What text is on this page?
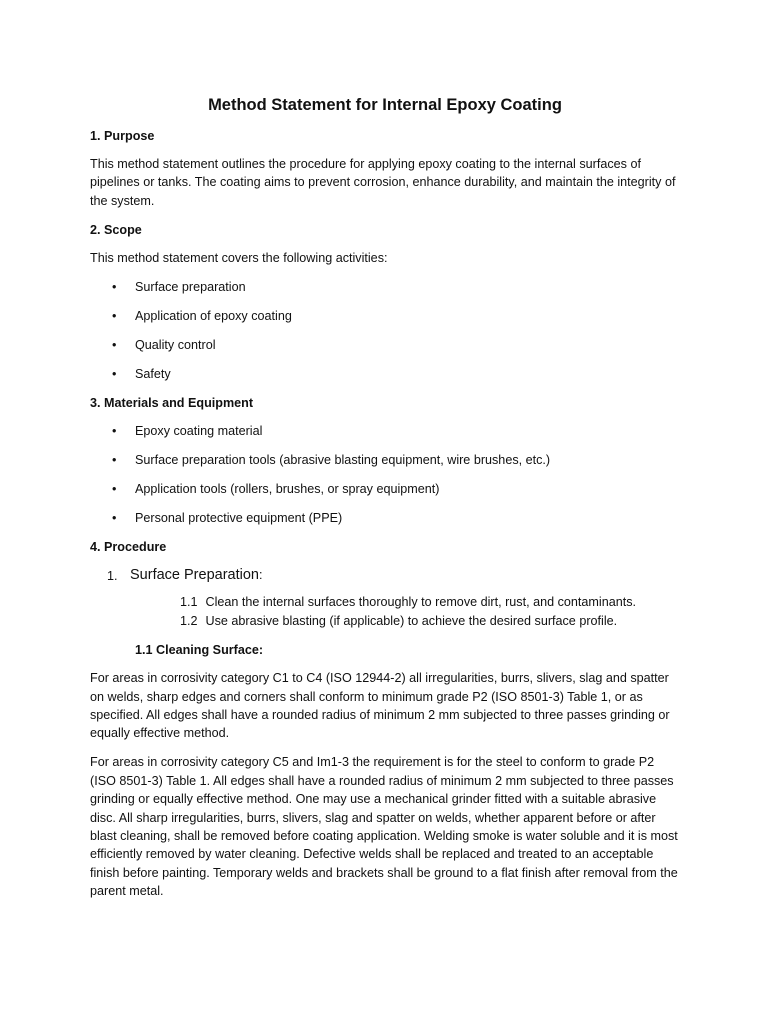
Method Statement for Internal Epoxy Coating
1. Purpose

This method statement outlines the procedure for applying epoxy coating to the internal surfaces of pipelines or tanks. The coating aims to prevent corrosion, enhance durability, and maintain the integrity of the system.

2. Scope

This method statement covers the following activities:

• Surface preparation
• Application of epoxy coating
• Quality control
• Safety
3. Materials and Equipment
• Epoxy coating material
• Surface preparation tools (abrasive blasting equipment, wire brushes, etc.)
• Application tools (rollers, brushes, or spray equipment)
• Personal protective equipment (PPE)
4. Procedure
1. Surface Preparation:
1.1 Clean the internal surfaces thoroughly to remove dirt, rust, and contaminants.
1.2 Use abrasive blasting (if applicable) to achieve the desired surface profile.
1.1 Cleaning Surface:

For areas in corrosivity category C1 to C4 (ISO 12944-2) all irregularities, burrs, slivers, slag and spatter on welds, sharp edges and corners shall conform to minimum grade P2 (ISO 8501-3) Table 1, or as specified. All edges shall have a rounded radius of minimum 2 mm subjected to three passes grinding or equally effective method.

For areas in corrosivity category C5 and Im1-3 the requirement is for the steel to conform to grade P2 (ISO 8501-3) Table 1. All edges shall have a rounded radius of minimum 2 mm subjected to three passes grinding or equally effective method. One may use a mechanical grinder fitted with a suitable abrasive disc. All sharp irregularities, burrs, slivers, slag and spatter on welds, whether apparent before or after blast cleaning, shall be removed before coating application. Welding smoke is water soluble and it is most efficiently removed by water cleaning. Defective welds shall be replaced and treated to an acceptable finish before painting. Temporary welds and brackets shall be ground to a flat finish after removal from the parent metal.
